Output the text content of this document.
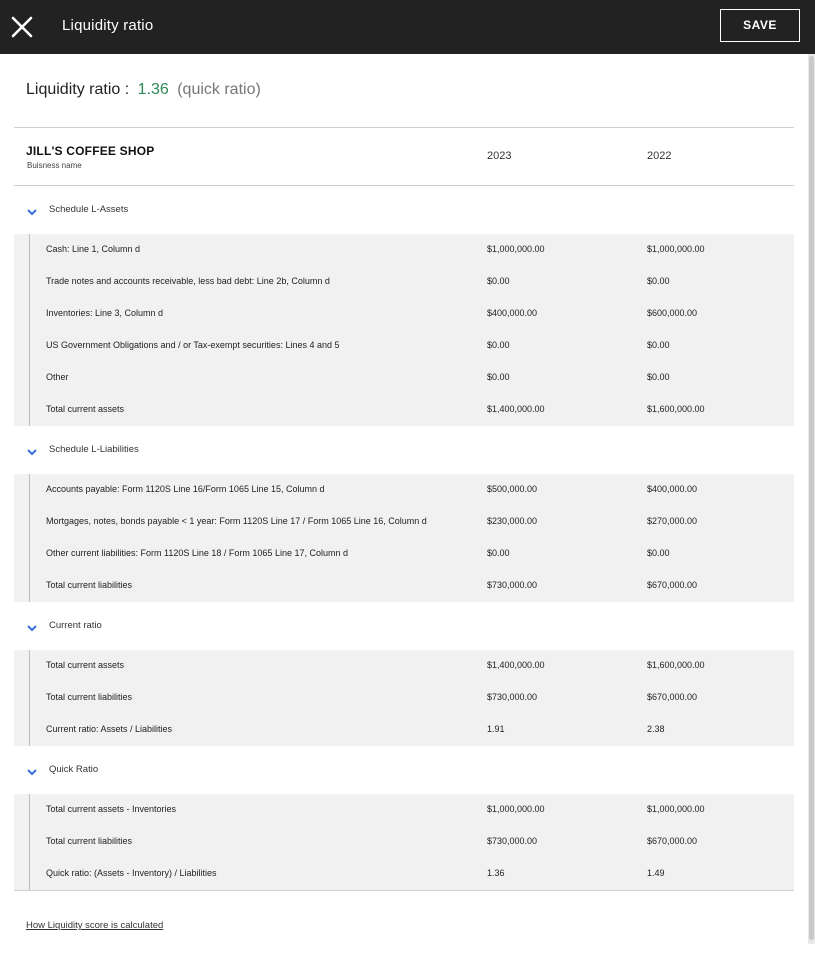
Liquidity ratio	SAVE
Liquidity ratio : 1.36 (quick ratio)
JILL'S COFFEE SHOP
Buisness name
2023	2022
Schedule L-Assets
Cash: Line 1, Column d	$1,000,000.00	$1,000,000.00
Trade notes and accounts receivable, less bad debt: Line 2b, Column d	$0.00	$0.00
Inventories: Line 3, Column d	$400,000.00	$600,000.00
US Government Obligations and / or Tax-exempt securities: Lines 4 and 5	$0.00	$0.00
Other	$0.00	$0.00
Total current assets	$1,400,000.00	$1,600,000.00
Schedule L-Liabilities
Accounts payable: Form 1120S Line 16/Form 1065 Line 15, Column d	$500,000.00	$400,000.00
Mortgages, notes, bonds payable < 1 year: Form 1120S Line 17 / Form 1065 Line 16, Column d	$230,000.00	$270,000.00
Other current liabilities: Form 1120S Line 18 / Form 1065 Line 17, Column d	$0.00	$0.00
Total current liabilities	$730,000.00	$670,000.00
Current ratio
Total current assets	$1,400,000.00	$1,600,000.00
Total current liabilities	$730,000.00	$670,000.00
Current ratio: Assets / Liabilities	1.91	2.38
Quick Ratio
Total current assets - Inventories	$1,000,000.00	$1,000,000.00
Total current liabilities	$730,000.00	$670,000.00
Quick ratio: (Assets - Inventory) / Liabilities	1.36	1.49
How Liquidity score is calculated
